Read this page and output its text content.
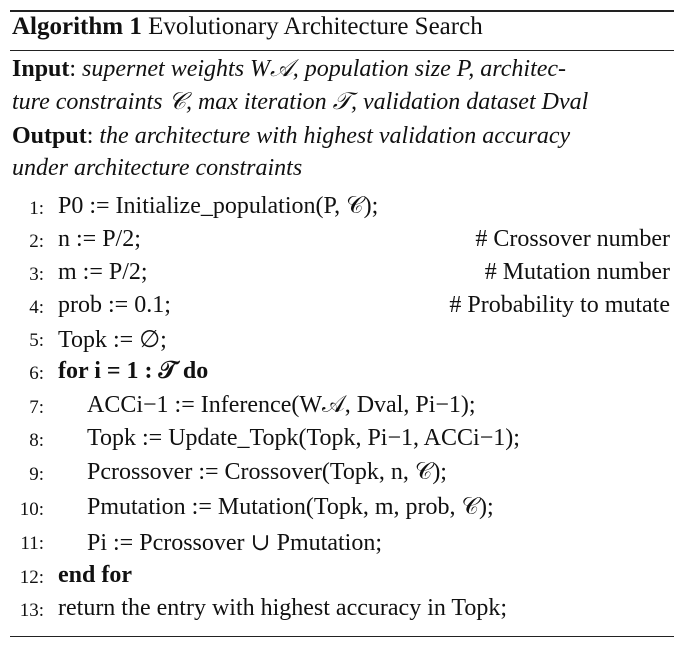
Algorithm 1 Evolutionary Architecture Search
Input: supernet weights W𝒜, population size P, architec-
ture constraints 𝒞, max iteration 𝒯, validation dataset Dval
Output: the architecture with highest validation accuracy
under architecture constraints
1: P0 := Initialize_population(P, 𝒞);
2: n := P/2;	# Crossover number
3: m := P/2;	# Mutation number
4: prob := 0.1;	# Probability to mutate
5: Topk := ∅;
6: for i = 1 : 𝒯 do
7: ACCi−1 := Inference(W𝒜, Dval, Pi−1);
8: Topk := Update_Topk(Topk, Pi−1, ACCi−1);
9: Pcrossover := Crossover(Topk, n, 𝒞);
10: Pmutation := Mutation(Topk, m, prob, 𝒞);
11: Pi := Pcrossover ∪ Pmutation;
12: end for
13: return the entry with highest accuracy in Topk;
